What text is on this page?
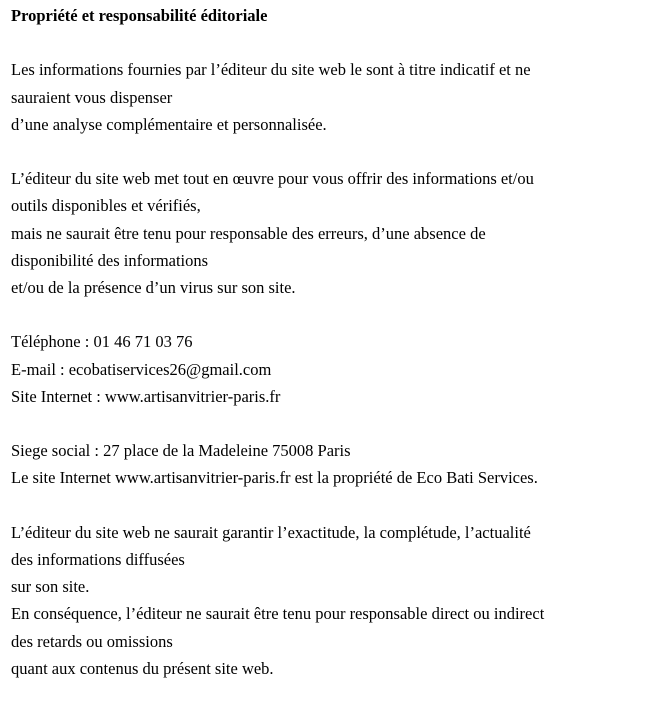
Propriété et responsabilité éditoriale

Les informations fournies par l’éditeur du site web le sont à titre indicatif et ne
sauraient vous dispenser
d’une analyse complémentaire et personnalisée.

L’éditeur du site web met tout en œuvre pour vous offrir des informations et/ou
outils disponibles et vérifiés,
mais ne saurait être tenu pour responsable des erreurs, d’une absence de
disponibilité des informations
et/ou de la présence d’un virus sur son site.

Téléphone : 01 46 71 03 76
E-mail : ecobatiservices26@gmail.com
Site Internet : www.artisanvitrier-paris.fr

Siege social : 27 place de la Madeleine 75008 Paris
Le site Internet www.artisanvitrier-paris.fr est la propriété de Eco Bati Services.

L’éditeur du site web ne saurait garantir l’exactitude, la complétude, l’actualité
des informations diffusées
sur son site.
En conséquence, l’éditeur ne saurait être tenu pour responsable direct ou indirect
des retards ou omissions
quant aux contenus du présent site web.
